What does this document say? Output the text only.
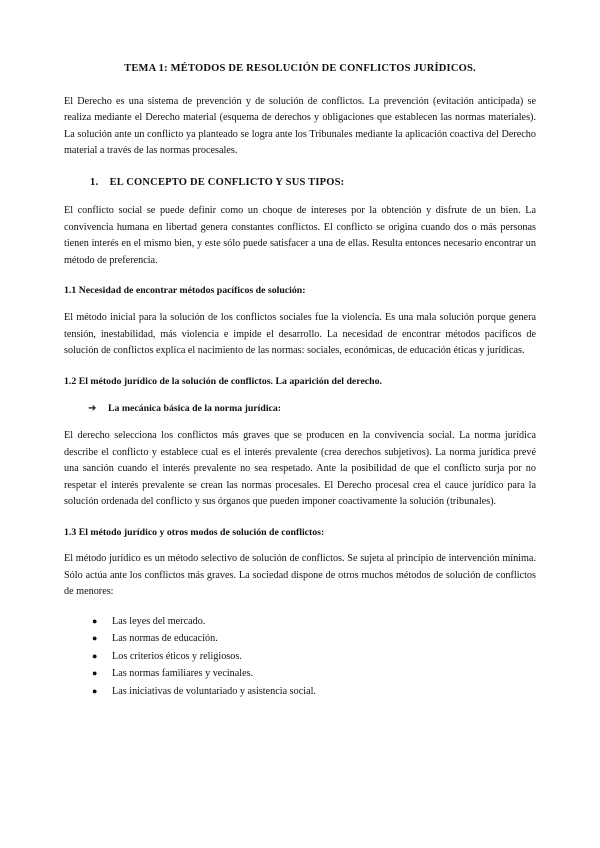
TEMA 1: MÉTODOS DE RESOLUCIÓN DE CONFLICTOS JURÍDICOS.

El Derecho es una sistema de prevención y de solución de conflictos. La prevención (evitación anticipada) se realiza mediante el Derecho material (esquema de derechos y obligaciones que establecen las normas materiales). La solución ante un conflicto ya planteado se logra ante los Tribunales mediante la aplicación coactiva del Derecho material a través de las normas procesales.

1. EL CONCEPTO DE CONFLICTO Y SUS TIPOS:

El conflicto social se puede definir como un choque de intereses por la obtención y disfrute de un bien. La convivencia humana en libertad genera constantes conflictos. El conflicto se origina cuando dos o más personas tienen interés en el mismo bien, y este sólo puede satisfacer a una de ellas. Resulta entonces necesario encontrar un método de preferencia.

1.1 Necesidad de encontrar métodos pacíficos de solución:

El método inicial para la solución de los conflictos sociales fue la violencia. Es una mala solución porque genera tensión, inestabilidad, más violencia e impide el desarrollo. La necesidad de encontrar métodos pacíficos de solución de conflictos explica el nacimiento de las normas: sociales, económicas, de educación éticas y jurídicas.

1.2 El método jurídico de la solución de conflictos. La aparición del derecho.
➔ La mecánica básica de la norma jurídica:

El derecho selecciona los conflictos más graves que se producen en la convivencia social. La norma jurídica describe el conflicto y establece cual es el interés prevalente (crea derechos subjetivos). La norma jurídica prevé una sanción cuando el interés prevalente no sea respetado. Ante la posibilidad de que el conflicto surja por no respetar el interés prevalente se crean las normas procesales. El Derecho procesal crea el cauce jurídico para la solución ordenada del conflicto y sus órganos que pueden imponer coactivamente la solución (tribunales).

1.3 El método jurídico y otros modos de solución de conflictos:

El método jurídico es un método selectivo de solución de conflictos. Se sujeta al principio de intervención mínima. Sólo actúa ante los conflictos más graves. La sociedad dispone de otros muchos métodos de solución de conflictos de menores:

● Las leyes del mercado.
● Las normas de educación.
● Los criterios éticos y religiosos.
● Las normas familiares y vecinales.
● Las iniciativas de voluntariado y asistencia social.
